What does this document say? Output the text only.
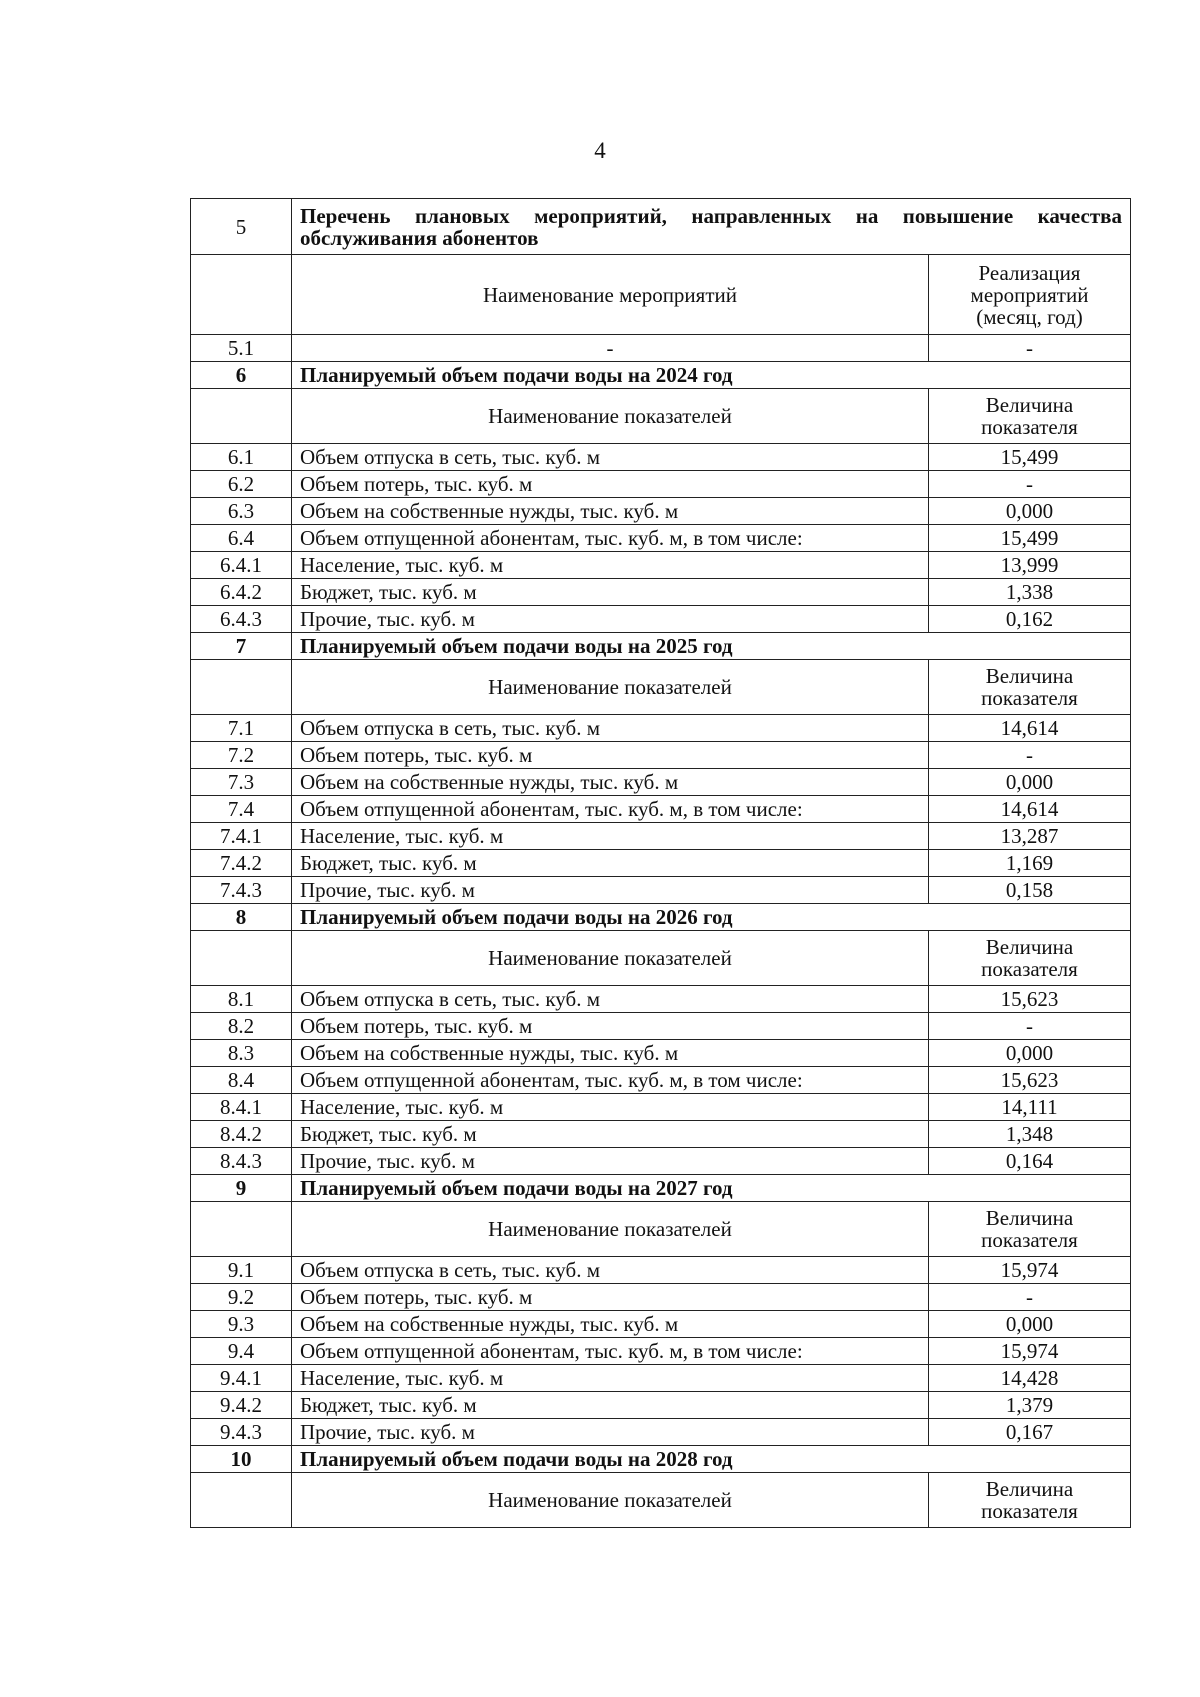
4
5	Перечень плановых мероприятий, направленных на повышение качества обслуживания абонентов	
	Наименование мероприятий	Реализация мероприятий (месяц, год)
5.1	-	-
6	Планируемый объем подачи воды на 2024 год	
	Наименование показателей	Величина показателя
6.1	Объем отпуска в сеть, тыс. куб. м	15,499
6.2	Объем потерь, тыс. куб. м	-
6.3	Объем на собственные нужды, тыс. куб. м	0,000
6.4	Объем отпущенной абонентам, тыс. куб. м, в том числе:	15,499
6.4.1	Население, тыс. куб. м	13,999
6.4.2	Бюджет, тыс. куб. м	1,338
6.4.3	Прочие, тыс. куб. м	0,162
7	Планируемый объем подачи воды на 2025 год	
	Наименование показателей	Величина показателя
7.1	Объем отпуска в сеть, тыс. куб. м	14,614
7.2	Объем потерь, тыс. куб. м	-
7.3	Объем на собственные нужды, тыс. куб. м	0,000
7.4	Объем отпущенной абонентам, тыс. куб. м, в том числе:	14,614
7.4.1	Население, тыс. куб. м	13,287
7.4.2	Бюджет, тыс. куб. м	1,169
7.4.3	Прочие, тыс. куб. м	0,158
8	Планируемый объем подачи воды на 2026 год	
	Наименование показателей	Величина показателя
8.1	Объем отпуска в сеть, тыс. куб. м	15,623
8.2	Объем потерь, тыс. куб. м	-
8.3	Объем на собственные нужды, тыс. куб. м	0,000
8.4	Объем отпущенной абонентам, тыс. куб. м, в том числе:	15,623
8.4.1	Население, тыс. куб. м	14,111
8.4.2	Бюджет, тыс. куб. м	1,348
8.4.3	Прочие, тыс. куб. м	0,164
9	Планируемый объем подачи воды на 2027 год	
	Наименование показателей	Величина показателя
9.1	Объем отпуска в сеть, тыс. куб. м	15,974
9.2	Объем потерь, тыс. куб. м	-
9.3	Объем на собственные нужды, тыс. куб. м	0,000
9.4	Объем отпущенной абонентам, тыс. куб. м, в том числе:	15,974
9.4.1	Население, тыс. куб. м	14,428
9.4.2	Бюджет, тыс. куб. м	1,379
9.4.3	Прочие, тыс. куб. м	0,167
10	Планируемый объем подачи воды на 2028 год	
	Наименование показателей	Величина показателя
